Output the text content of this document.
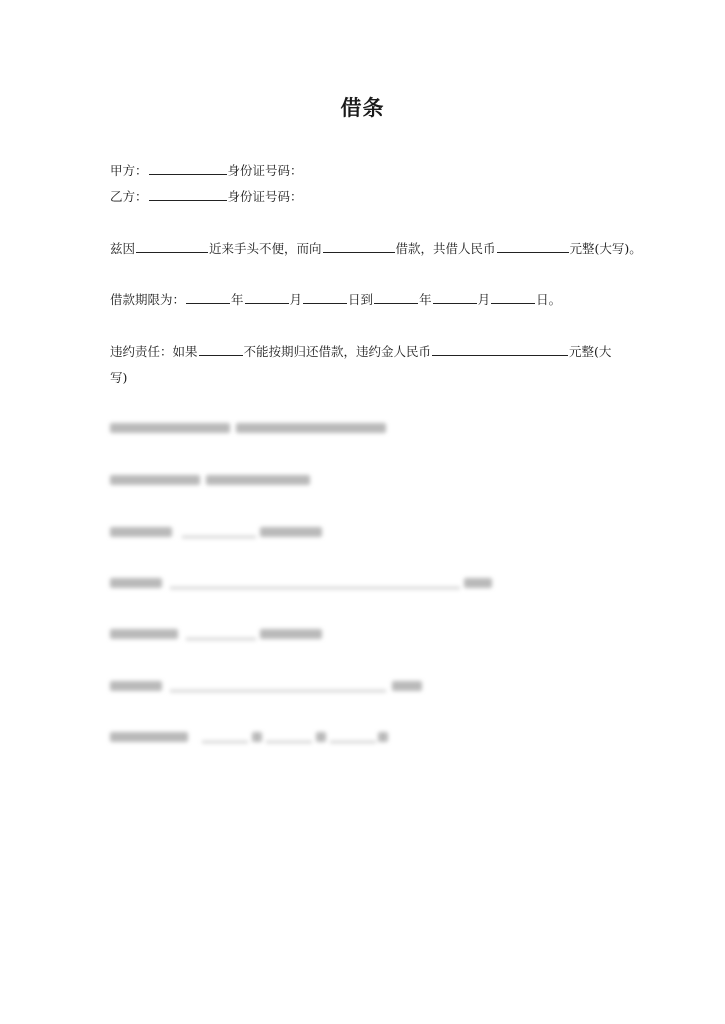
借条
甲方：	身份证号码：
乙方：	身份证号码：
兹因	近来手头不便，而向	借款，共借人民币	元整(大写)。
借款期限为：	年	月	日到	年	月	日。
违约责任：如果	不能按期归还借款，违约金人民币	元整(大
写)
